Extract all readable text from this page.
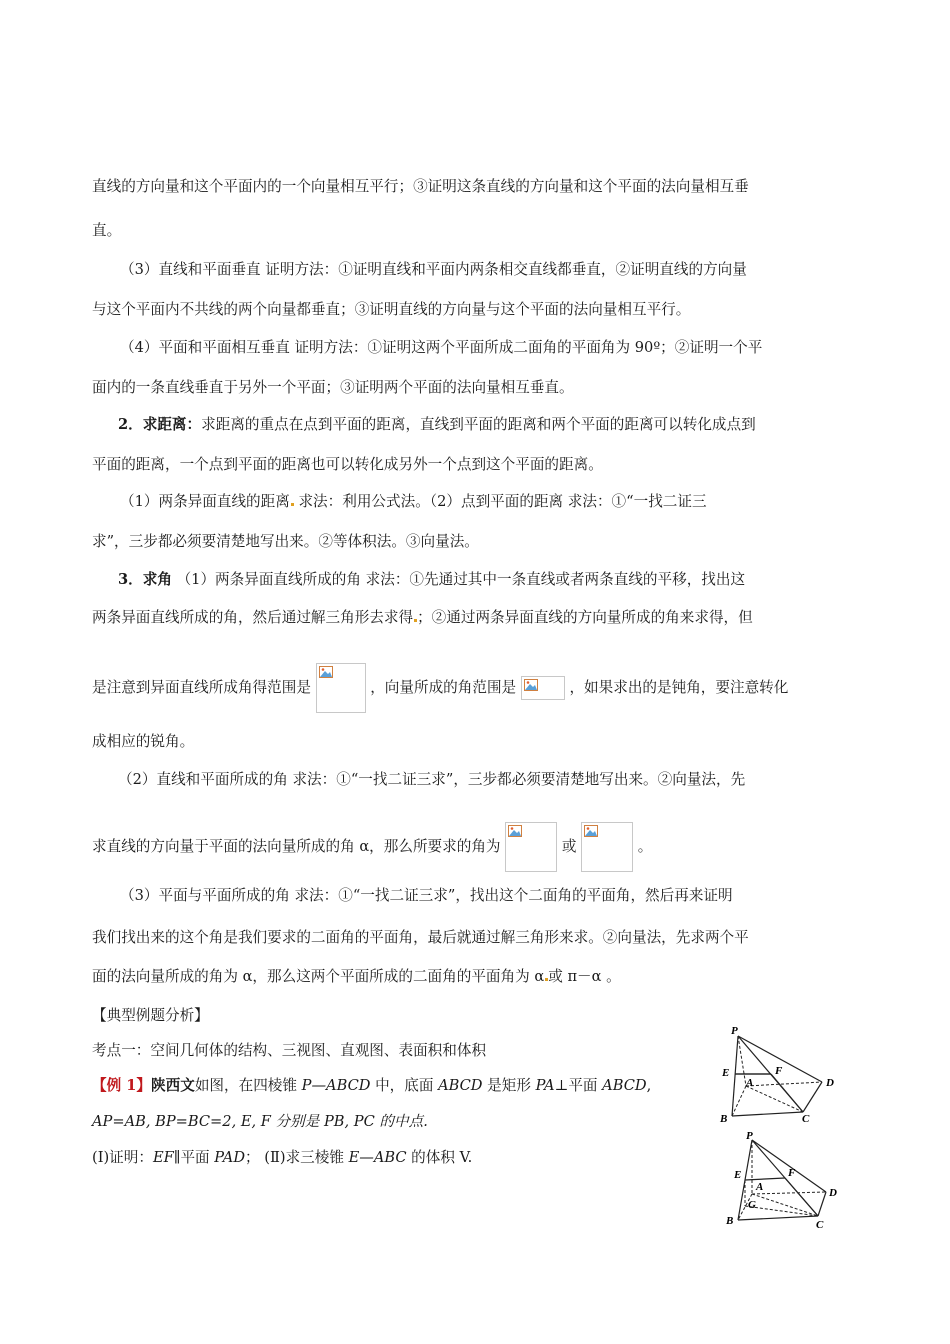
直线的方向量和这个平面内的一个向量相互平行；③证明这条直线的方向量和这个平面的法向量相互垂
直。
（3）直线和平面垂直 证明方法：①证明直线和平面内两条相交直线都垂直，②证明直线的方向量
与这个平面内不共线的两个向量都垂直；③证明直线的方向量与这个平面的法向量相互平行。
（4）平面和平面相互垂直 证明方法：①证明这两个平面所成二面角的平面角为 90º；②证明一个平
面内的一条直线垂直于另外一个平面；③证明两个平面的法向量相互垂直。
2．求距离：求距离的重点在点到平面的距离，直线到平面的距离和两个平面的距离可以转化成点到
平面的距离，一个点到平面的距离也可以转化成另外一个点到这个平面的距离。
（1）两条异面直线的距离 求法：利用公式法。（2）点到平面的距离 求法：①“一找二证三
求”，三步都必须要清楚地写出来。②等体积法。③向量法。
3．求角 （1）两条异面直线所成的角 求法：①先通过其中一条直线或者两条直线的平移，找出这
两条异面直线所成的角，然后通过解三角形去求得 ；②通过两条异面直线的方向量所成的角来求得，但
是注意到异面直线所成角得范围是	，向量所成的角范围是	，如果求出的是钝角，要注意转化
成相应的锐角。
（2）直线和平面所成的角 求法：①“一找二证三求”，三步都必须要清楚地写出来。②向量法，先
求直线的方向量于平面的法向量所成的角 α，那么所要求的角为	或	。
（3）平面与平面所成的角 求法：①“一找二证三求”，找出这个二面角的平面角，然后再来证明
我们找出来的这个角是我们要求的二面角的平面角，最后就通过解三角形来求。②向量法，先求两个平
面的法向量所成的角为 α，那么这两个平面所成的二面角的平面角为 α 或 π－α 。
【典型例题分析】
考点一：空间几何体的结构、三视图、直观图、表面积和体积
【例 1】陕西文如图，在四棱锥 P—ABCD 中，底面 ABCD 是矩形 PA⊥平面 ABCD,
AP=AB, BP=BC=2, E, F 分别是 PB, PC 的中点.
(Ⅰ)证明：EF∥平面 PAD； (Ⅱ)求三棱锥 E—ABC 的体积 V.
P
E
A
F
D
B	C
P
E	F
A	D
G
B	C
